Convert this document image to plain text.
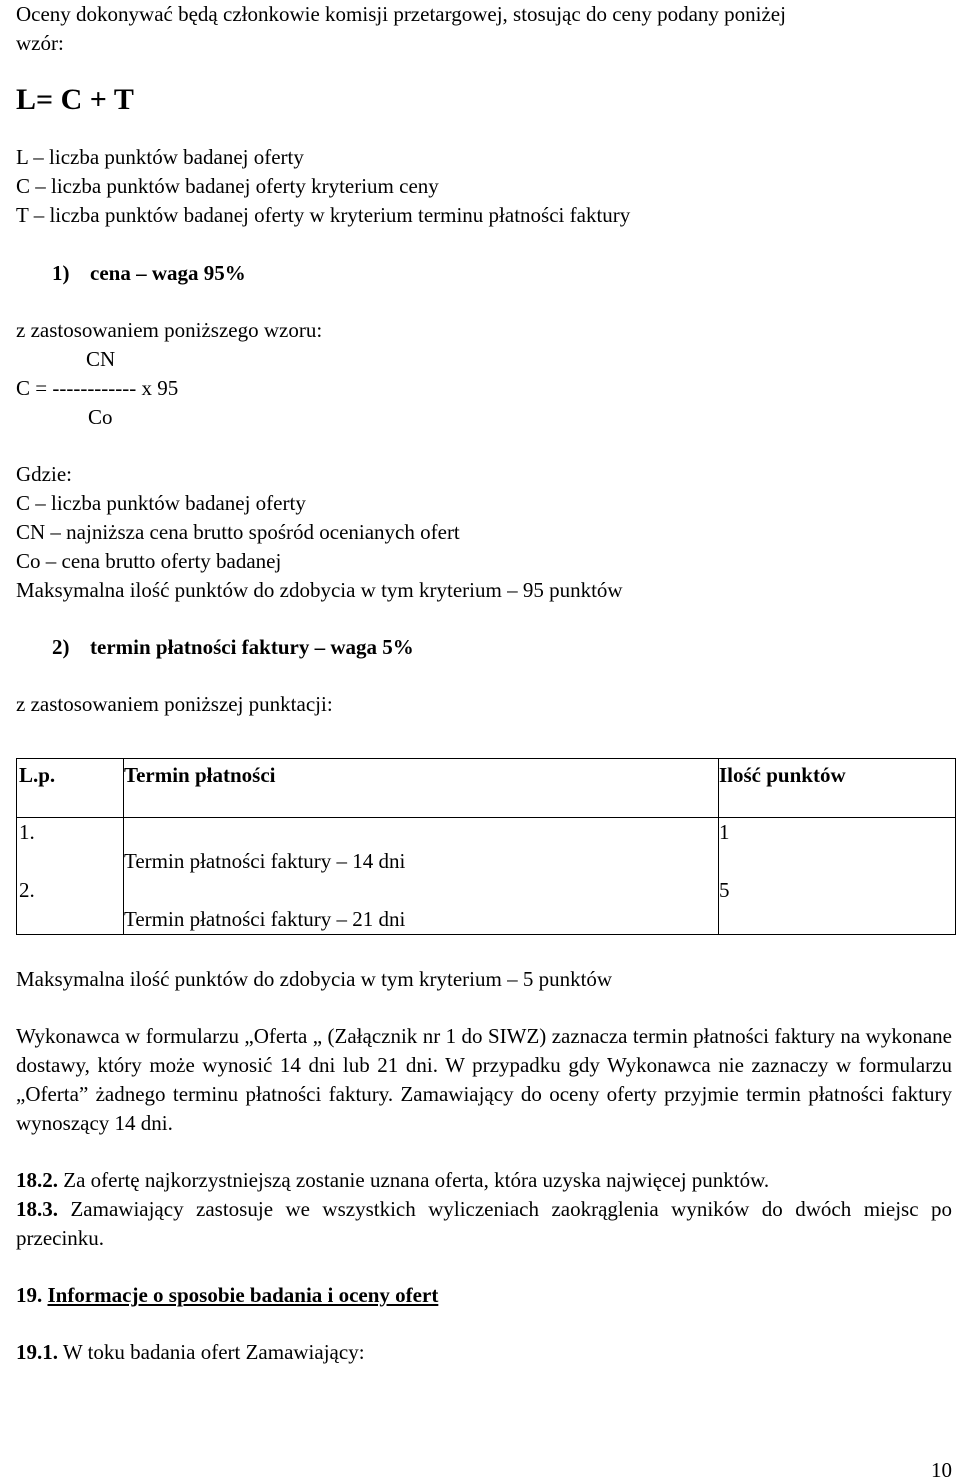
Oceny dokonywać będą członkowie komisji przetargowej, stosując do ceny podany poniżej

wzór:

L= C + T

L – liczba punktów badanej oferty

C – liczba punktów badanej oferty kryterium ceny

T – liczba punktów badanej oferty w kryterium terminu płatności faktury

1) cena – waga 95%

z zastosowaniem poniższego wzoru:

CN

C = ------------ x 95

Co

Gdzie:

C – liczba punktów badanej oferty

CN – najniższa cena brutto spośród ocenianych ofert

Co – cena brutto oferty badanej

Maksymalna ilość punktów do zdobycia w tym kryterium – 95 punktów

2) termin płatności faktury – waga 5%

z zastosowaniem poniższej punktacji:

L.p.	Termin płatności	Ilość punktów
1.	Termin płatności faktury – 14 dni	1
2.	Termin płatności faktury – 21 dni	5

Maksymalna ilość punktów do zdobycia w tym kryterium – 5 punktów

Wykonawca w formularzu „Oferta „ (Załącznik nr 1 do SIWZ) zaznacza termin płatności faktury na wykonane dostawy, który może wynosić 14 dni lub 21 dni. W przypadku gdy Wykonawca nie zaznaczy w formularzu „Oferta” żadnego terminu płatności faktury. Zamawiający do oceny oferty przyjmie termin płatności faktury wynoszący 14 dni.

18.2. Za ofertę najkorzystniejszą zostanie uznana oferta, która uzyska najwięcej punktów.

18.3. Zamawiający zastosuje we wszystkich wyliczeniach zaokrąglenia wyników do dwóch miejsc po przecinku.

19. Informacje o sposobie badania i oceny ofert

19.1. W toku badania ofert Zamawiający:

10
